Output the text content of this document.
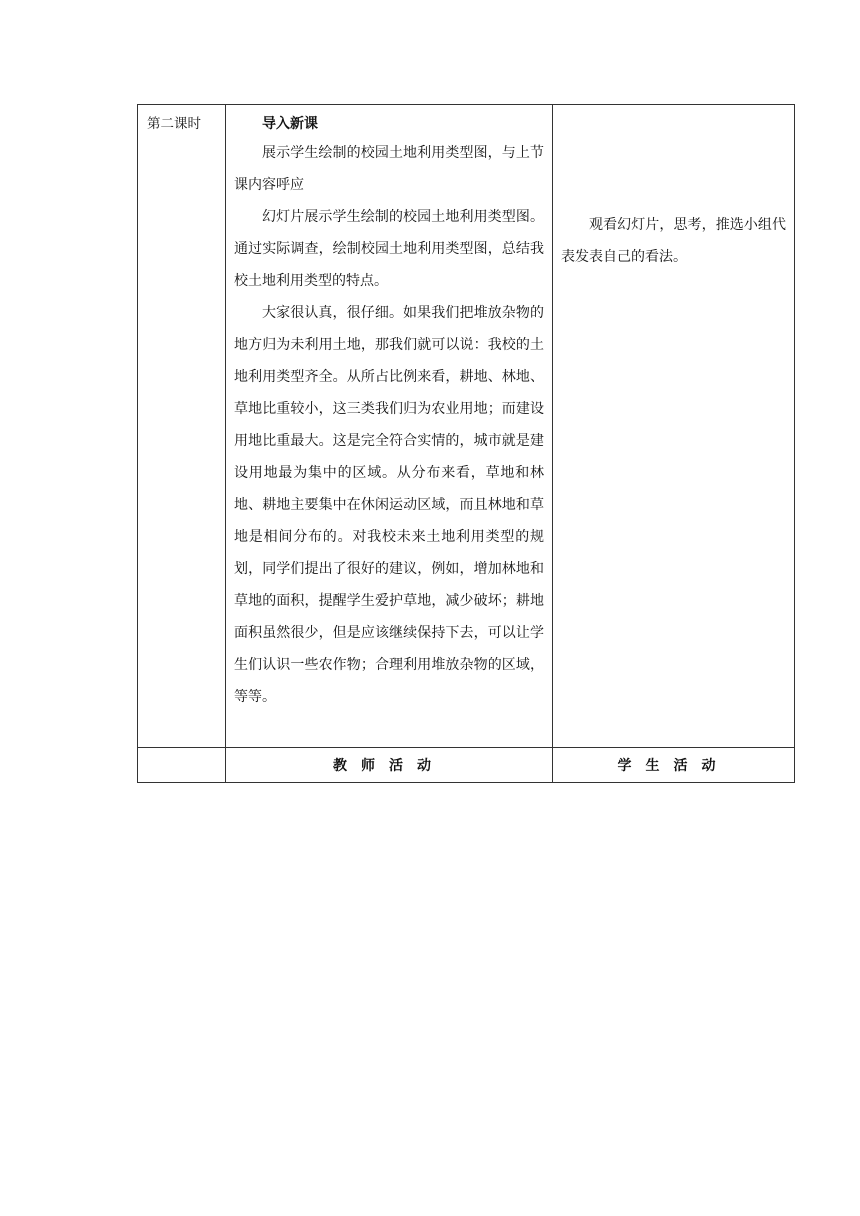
第二课时	导入新课

展示学生绘制的校园土地利用类型图，与上节课内容呼应

幻灯片展示学生绘制的校园土地利用类型图。通过实际调查，绘制校园土地利用类型图，总结我校土地利用类型的特点。

大家很认真，很仔细。如果我们把堆放杂物的地方归为未利用土地，那我们就可以说：我校的土地利用类型齐全。从所占比例来看，耕地、林地、草地比重较小，这三类我们归为农业用地；而建设用地比重最大。这是完全符合实情的，城市就是建设用地最为集中的区域。从分布来看，草地和林地、耕地主要集中在休闲运动区域，而且林地和草地是相间分布的。对我校未来土地利用类型的规划，同学们提出了很好的建议，例如，增加林地和草地的面积，提醒学生爱护草地，减少破坏；耕地面积虽然很少，但是应该继续保持下去，可以让学生们认识一些农作物；合理利用堆放杂物的区域，等等。	观看幻灯片，思考，推选小组代表发表自己的看法。

	教师活动	学生活动
